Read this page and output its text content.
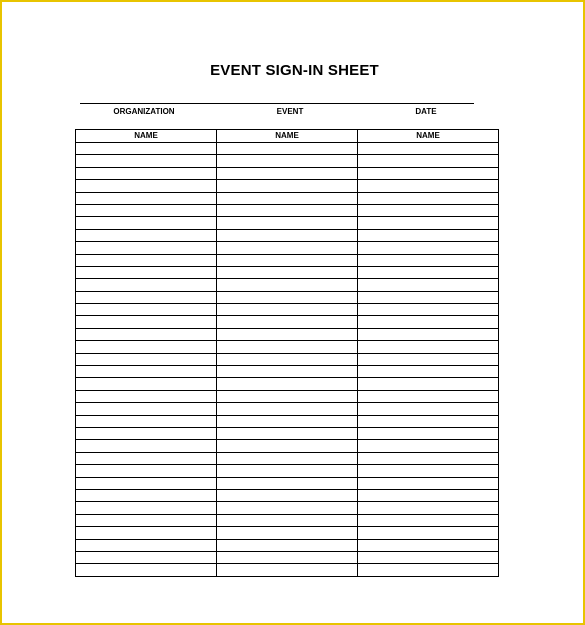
EVENT SIGN-IN SHEET
ORGANIZATION	EVENT	DATE
NAME	NAME	NAME
